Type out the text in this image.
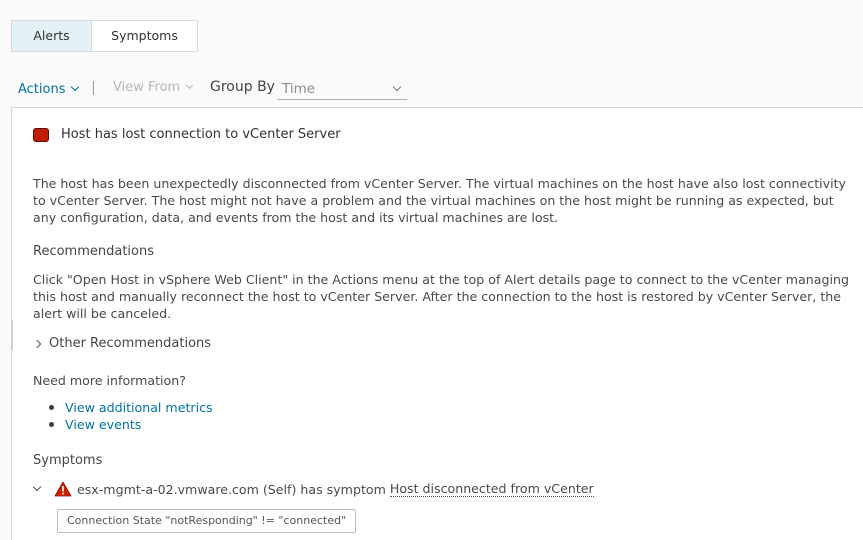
Alerts	Symptoms
Actions	View From Group By Time
Host has lost connection to vCenter Server
The host has been unexpectedly disconnected from vCenter Server. The virtual machines on the host have also lost connectivity to vCenter Server. The host might not have a problem and the virtual machines on the host might be running as expected, but any configuration, data, and events from the host and its virtual machines are lost.
Recommendations
Click "Open Host in vSphere Web Client" in the Actions menu at the top of Alert details page to connect to the vCenter managing this host and manually reconnect the host to vCenter Server. After the connection to the host is restored by vCenter Server, the alert will be canceled.
Other Recommendations
Need more information?
View additional metrics
View events
Symptoms
esx-mgmt-a-02.vmware.com (Self) has symptom Host disconnected from vCenter
Connection State "notResponding" != "connected"
